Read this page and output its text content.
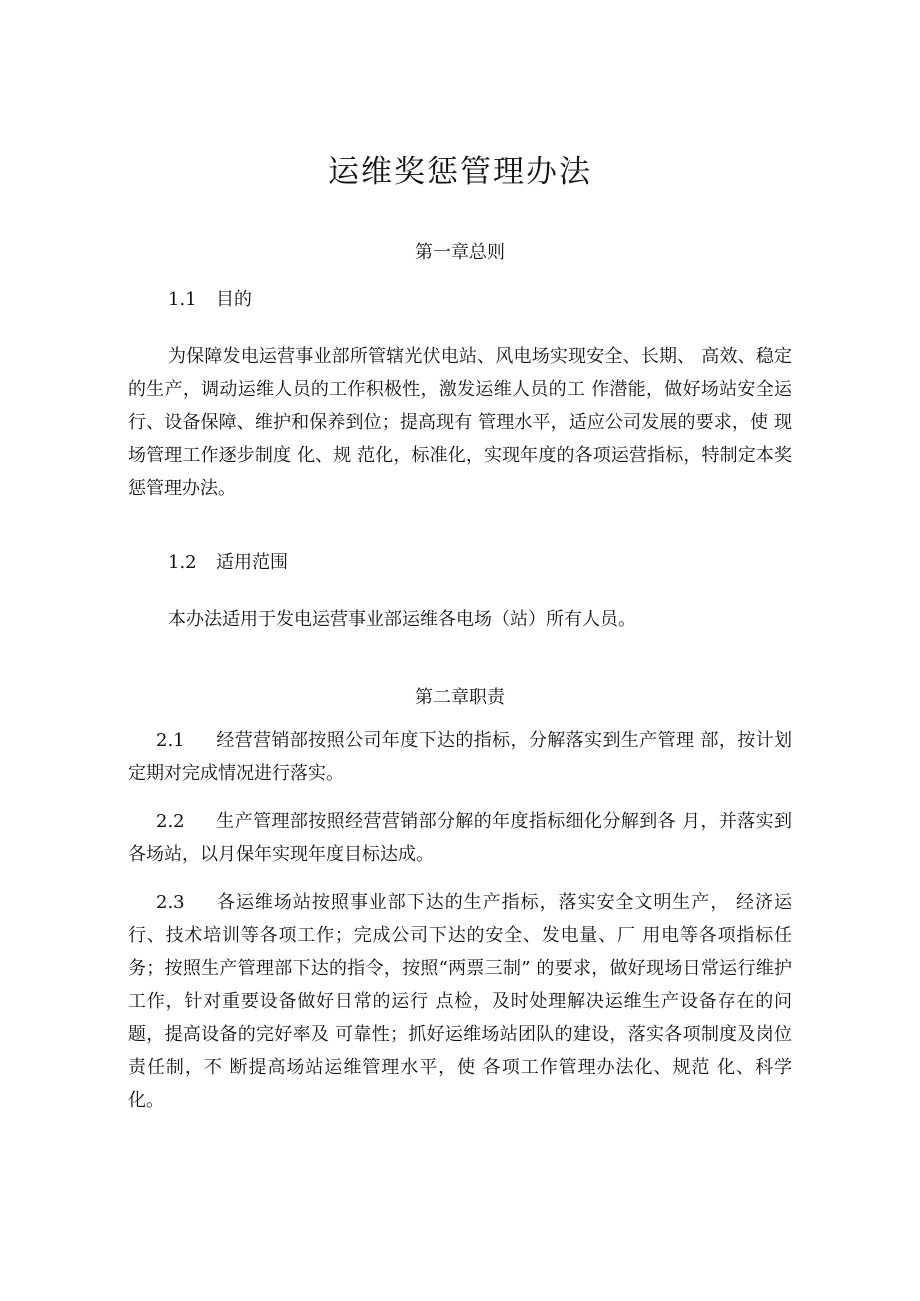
运维奖惩管理办法
第一章总则
1.1 目的
为保障发电运营事业部所管辖光伏电站、风电场实现安全、长期、 高效、稳定的生产，调动运维人员的工作积极性，激发运维人员的工 作潜能，做好场站安全运行、设备保障、维护和保养到位；提高现有 管理水平，适应公司发展的要求，使 现场管理工作逐步制度 化、规 范化，标准化，实现年度的各项运营指标，特制定本奖惩管理办法。
1.2 适用范围
本办法适用于发电运营事业部运维各电场（站）所有人员。
第二章职责
2.1 经营营销部按照公司年度下达的指标，分解落实到生产管理 部，按计划定期对完成情况进行落实。
2.2 生产管理部按照经营营销部分解的年度指标细化分解到各 月，并落实到各场站，以月保年实现年度目标达成。
2.3 各运维场站按照事业部下达的生产指标，落实安全文明生产， 经济运行、技术培训等各项工作；完成公司下达的安全、发电量、厂 用电等各项指标任务；按照生产管理部下达的指令，按照“两票三制” 的要求，做好现场日常运行维护工作，针对重要设备做好日常的运行 点检，及时处理解决运维生产设备存在的问题，提高设备的完好率及 可靠性；抓好运维场站团队的建设，落实各项制度及岗位责任制，不 断提高场站运维管理水平，使 各项工作管理办法化、规范 化、科学 化。
